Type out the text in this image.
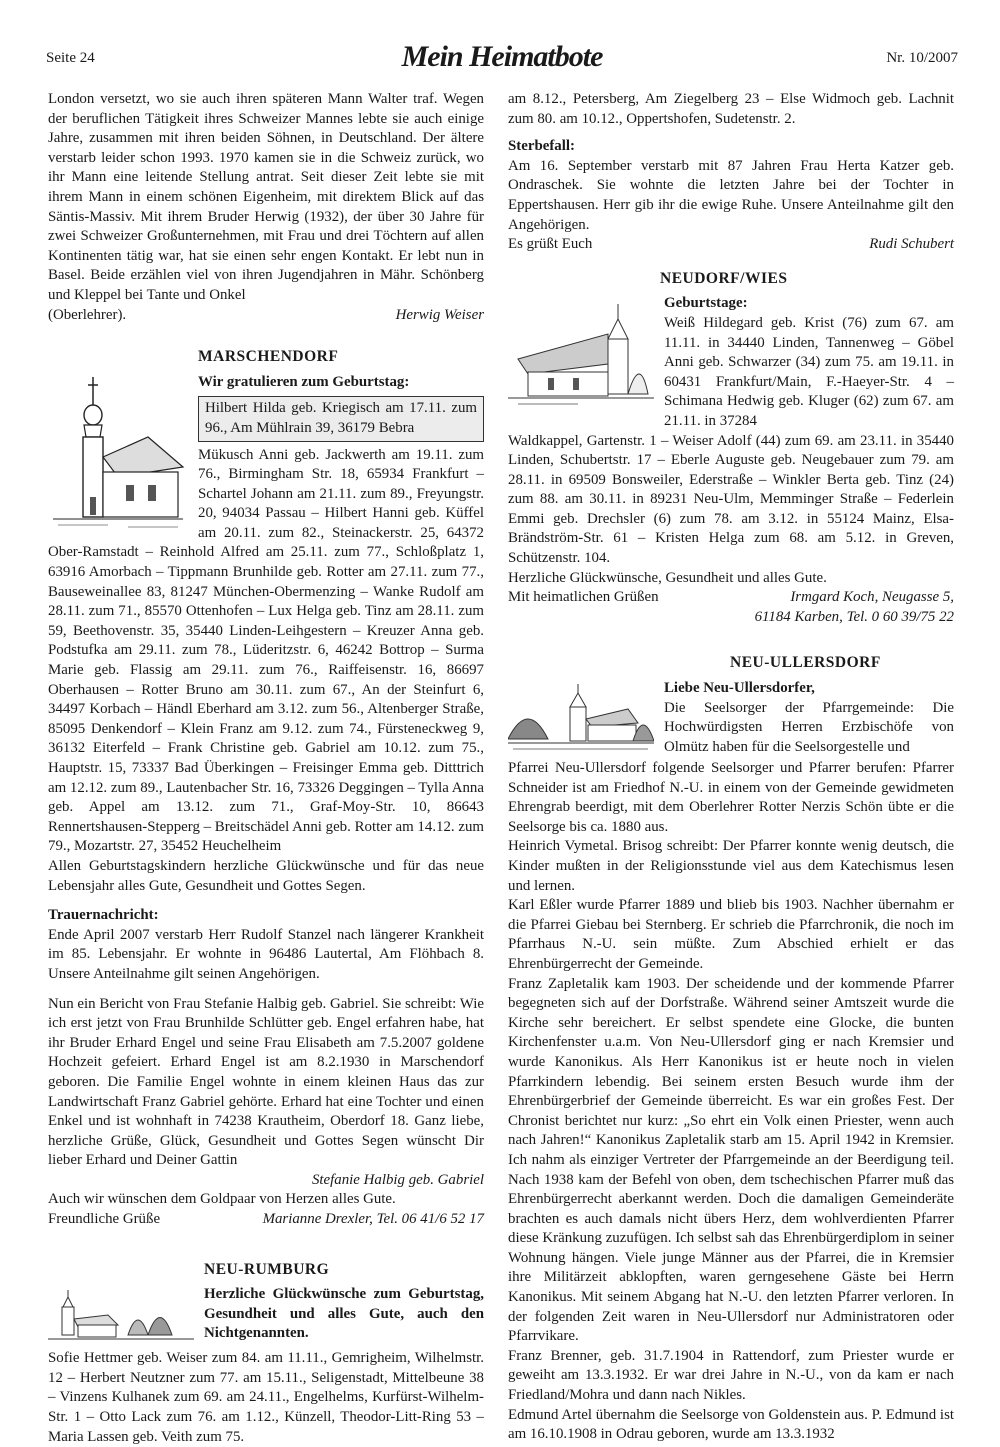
Seite 24	Mein Heimatbote	Nr. 10/2007

London versetzt, wo sie auch ihren späteren Mann Walter traf. Wegen der beruflichen Tätigkeit ihres Schweizer Mannes lebte sie auch einige Jahre, zusammen mit ihren beiden Söhnen, in Deutschland. Der ältere verstarb leider schon 1993. 1970 kamen sie in die Schweiz zurück, wo ihr Mann eine leitende Stellung antrat. Seit dieser Zeit lebte sie mit ihrem Mann in einem schönen Eigenheim, mit direktem Blick auf das Säntis-Massiv. Mit ihrem Bruder Herwig (1932), der über 30 Jahre für zwei Schweizer Großunternehmen, mit Frau und drei Töchtern auf allen Kontinenten tätig war, hat sie einen sehr engen Kontakt. Er lebt nun in Basel. Beide erzählen viel von ihren Jugendjahren in Mähr. Schönberg und Kleppel bei Tante und Onkel

(Oberlehrer).	Herwig Weiser

MARSCHENDORF

Wir gratulieren zum Geburtstag:

Hilbert Hilda geb. Kriegisch am 17.11. zum 96., Am Mühlrain 39, 36179 Bebra

Mükusch Anni geb. Jackwerth am 19.11. zum 76., Birmingham Str. 18, 65934 Frankfurt – Schartel Johann am 21.11. zum 89., Freyungstr. 20, 94034 Passau – Hilbert Hanni geb. Küffel am 20.11. zum 82., Steinackerstr. 25, 64372 Ober-Ramstadt – Reinhold Alfred am 25.11. zum 77., Schloßplatz 1, 63916 Amorbach – Tippmann Brunhilde geb. Rotter am 27.11. zum 77., Bauseweinallee 83, 81247 München-Obermenzing – Wanke Rudolf am 28.11. zum 71., 85570 Ottenhofen – Lux Helga geb. Tinz am 28.11. zum 59, Beethovenstr. 35, 35440 Linden-Leihgestern – Kreuzer Anna geb. Podstufka am 29.11. zum 78., Lüderitzstr. 6, 46242 Bottrop – Surma Marie geb. Flassig am 29.11. zum 76., Raiffeisenstr. 16, 86697 Oberhausen – Rotter Bruno am 30.11. zum 67., An der Steinfurt 6, 34497 Korbach – Händl Eberhard am 3.12. zum 56., Altenberger Straße, 85095 Denkendorf – Klein Franz am 9.12. zum 74., Fürsteneckweg 9, 36132 Eiterfeld – Frank Christine geb. Gabriel am 10.12. zum 75., Hauptstr. 15, 73337 Bad Überkingen – Freisinger Emma geb. Ditttrich am 12.12. zum 89., Lautenbacher Str. 16, 73326 Deggingen – Tylla Anna geb. Appel am 13.12. zum 71., Graf-Moy-Str. 10, 86643 Rennertshausen-Stepperg – Breitschädel Anni geb. Rotter am 14.12. zum 79., Mozartstr. 27, 35452 Heuchelheim

Allen Geburtstagskindern herzliche Glückwünsche und für das neue Lebensjahr alles Gute, Gesundheit und Gottes Segen.

Trauernachricht:

Ende April 2007 verstarb Herr Rudolf Stanzel nach längerer Krankheit im 85. Lebensjahr. Er wohnte in 96486 Lautertal, Am Flöhbach 8. Unsere Anteilnahme gilt seinen Angehörigen.

Nun ein Bericht von Frau Stefanie Halbig geb. Gabriel. Sie schreibt: Wie ich erst jetzt von Frau Brunhilde Schlütter geb. Engel erfahren habe, hat ihr Bruder Erhard Engel und seine Frau Elisabeth am 7.5.2007 goldene Hochzeit gefeiert. Erhard Engel ist am 8.2.1930 in Marschendorf geboren. Die Familie Engel wohnte in einem kleinen Haus das zur Landwirtschaft Franz Gabriel gehörte. Erhard hat eine Tochter und einen Enkel und ist wohnhaft in 74238 Krautheim, Oberdorf 18. Ganz liebe, herzliche Grüße, Glück, Gesundheit und Gottes Segen wünscht Dir lieber Erhard und Deiner Gattin

Stefanie Halbig geb. Gabriel

Auch wir wünschen dem Goldpaar von Herzen alles Gute.

Freundliche Grüße	Marianne Drexler, Tel. 06 41/6 52 17

NEU-RUMBURG

Herzliche Glückwünsche zum Geburtstag, Gesundheit und alles Gute, auch den Nichtgenannten.

Sofie Hettmer geb. Weiser zum 84. am 11.11., Gemrigheim, Wilhelmstr. 12 – Herbert Neutzner zum 77. am 15.11., Seligenstadt, Mittelbeune 38 – Vinzens Kulhanek zum 69. am 24.11., Engelhelms, Kurfürst-Wilhelm-Str. 1 – Otto Lack zum 76. am 1.12., Künzell, Theodor-Litt-Ring 53 – Maria Lassen geb. Veith zum 75.

am 8.12., Petersberg, Am Ziegelberg 23 – Else Widmoch geb. Lachnit zum 80. am 10.12., Oppertshofen, Sudetenstr. 2.

Sterbefall:

Am 16. September verstarb mit 87 Jahren Frau Herta Katzer geb. Ondraschek. Sie wohnte die letzten Jahre bei der Tochter in Eppertshausen. Herr gib ihr die ewige Ruhe. Unsere Anteilnahme gilt den Angehörigen.

Es grüßt Euch	Rudi Schubert

NEUDORF/WIES

Geburtstage:

Weiß Hildegard geb. Krist (76) zum 67. am 11.11. in 34440 Linden, Tannenweg – Göbel Anni geb. Schwarzer (34) zum 75. am 19.11. in 60431 Frankfurt/Main, F.-Haeyer-Str. 4 – Schimana Hedwig geb. Kluger (62) zum 67. am 21.11. in 37284

Waldkappel, Gartenstr. 1 – Weiser Adolf (44) zum 69. am 23.11. in 35440 Linden, Schubertstr. 17 – Eberle Auguste geb. Neugebauer zum 79. am 28.11. in 69509 Bonsweiler, Ederstraße – Winkler Berta geb. Tinz (24) zum 88. am 30.11. in 89231 Neu-Ulm, Memminger Straße – Federlein Emmi geb. Drechsler (6) zum 78. am 3.12. in 55124 Mainz, Elsa-Brändström-Str. 61 – Kristen Helga zum 68. am 5.12. in Greven, Schützenstr. 104.

Herzliche Glückwünsche, Gesundheit und alles Gute.

Mit heimatlichen Grüßen	Irmgard Koch, Neugasse 5,

61184 Karben, Tel. 0 60 39/75 22

NEU-ULLERSDORF

Liebe Neu-Ullersdorfer,

Die Seelsorger der Pfarrgemeinde: Die Hochwürdigsten Herren Erzbischöfe von Olmütz haben für die Seelsorgestelle und

Pfarrei Neu-Ullersdorf folgende Seelsorger und Pfarrer berufen: Pfarrer Schneider ist am Friedhof N.-U. in einem von der Gemeinde gewidmeten Ehrengrab beerdigt, mit dem Oberlehrer Rotter Nerzis Schön übte er die Seelsorge bis ca. 1880 aus.

Heinrich Vymetal. Brisog schreibt: Der Pfarrer konnte wenig deutsch, die Kinder mußten in der Religionsstunde viel aus dem Katechismus lesen und lernen.

Karl Eßler wurde Pfarrer 1889 und blieb bis 1903. Nachher übernahm er die Pfarrei Giebau bei Sternberg. Er schrieb die Pfarrchronik, die noch im Pfarrhaus N.-U. sein müßte. Zum Abschied erhielt er das Ehrenbürgerrecht der Gemeinde.

Franz Zapletalik kam 1903. Der scheidende und der kommende Pfarrer begegneten sich auf der Dorfstraße. Während seiner Amtszeit wurde die Kirche sehr bereichert. Er selbst spendete eine Glocke, die bunten Kirchenfenster u.a.m. Von Neu-Ullersdorf ging er nach Kremsier und wurde Kanonikus. Als Herr Kanonikus ist er heute noch in vielen Pfarrkindern lebendig. Bei seinem ersten Besuch wurde ihm der Ehrenbürgerbrief der Gemeinde überreicht. Es war ein großes Fest. Der Chronist berichtet nur kurz: „So ehrt ein Volk einen Priester, wenn auch nach Jahren!“ Kanonikus Zapletalik starb am 15. April 1942 in Kremsier. Ich nahm als einziger Vertreter der Pfarrgemeinde an der Beerdigung teil. Nach 1938 kam der Befehl von oben, dem tschechischen Pfarrer muß das Ehrenbürgerrecht aberkannt werden. Doch die damaligen Gemeinderäte brachten es auch damals nicht übers Herz, dem wohlverdienten Pfarrer diese Kränkung zuzufügen. Ich selbst sah das Ehrenbürgerdiplom in seiner Wohnung hängen. Viele junge Männer aus der Pfarrei, die in Kremsier ihre Militärzeit abklopften, waren gerngesehene Gäste bei Herrn Kanonikus. Mit seinem Abgang hat N.-U. den letzten Pfarrer verloren. In der folgenden Zeit waren in Neu-Ullersdorf nur Administratoren oder Pfarrvikare.

Franz Brenner, geb. 31.7.1904 in Rattendorf, zum Priester wurde er geweiht am 13.3.1932. Er war drei Jahre in N.-U., von da kam er nach Friedland/Mohra und dann nach Nikles.

Edmund Artel übernahm die Seelsorge von Goldenstein aus. P. Edmund ist am 16.10.1908 in Odrau geboren, wurde am 13.3.1932
